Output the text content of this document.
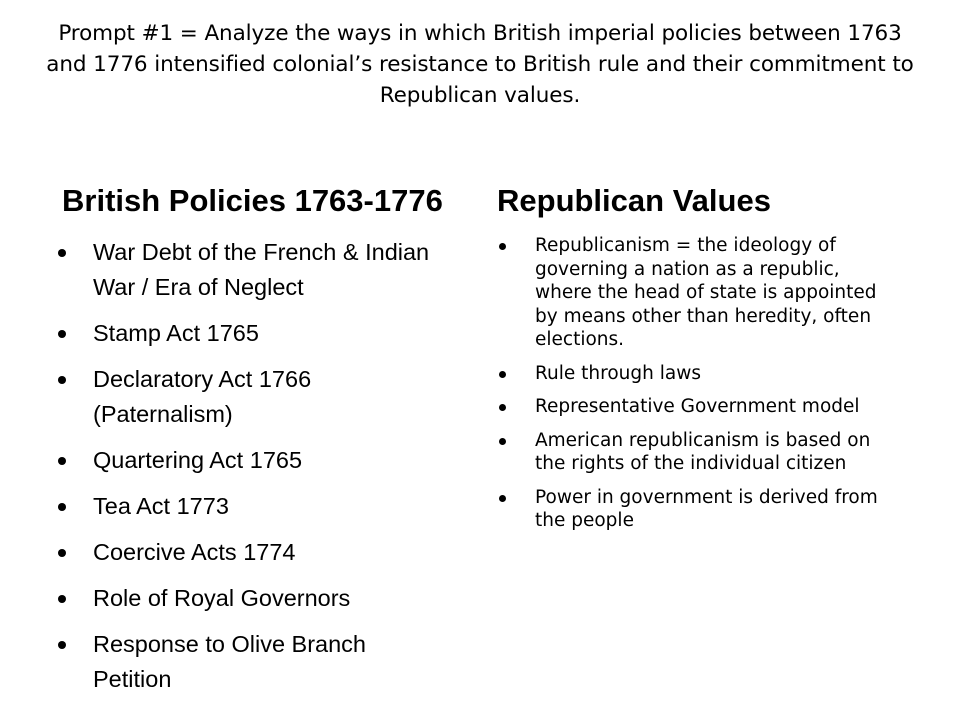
Prompt #1 = Analyze the ways in which British imperial policies between 1763 and 1776 intensified colonial’s resistance to British rule and their commitment to Republican values.
British Policies 1763-1776 Republican Values
War Debt of the French & Indian War / Era of Neglect
Stamp Act 1765
Declaratory Act 1766 (Paternalism)
Quartering Act 1765
Tea Act 1773
Coercive Acts 1774
Role of Royal Governors
Response to Olive Branch Petition
Republicanism = the ideology of governing a nation as a republic, where the head of state is appointed by means other than heredity, often elections.
Rule through laws
Representative Government model
American republicanism is based on the rights of the individual citizen
Power in government is derived from the people
